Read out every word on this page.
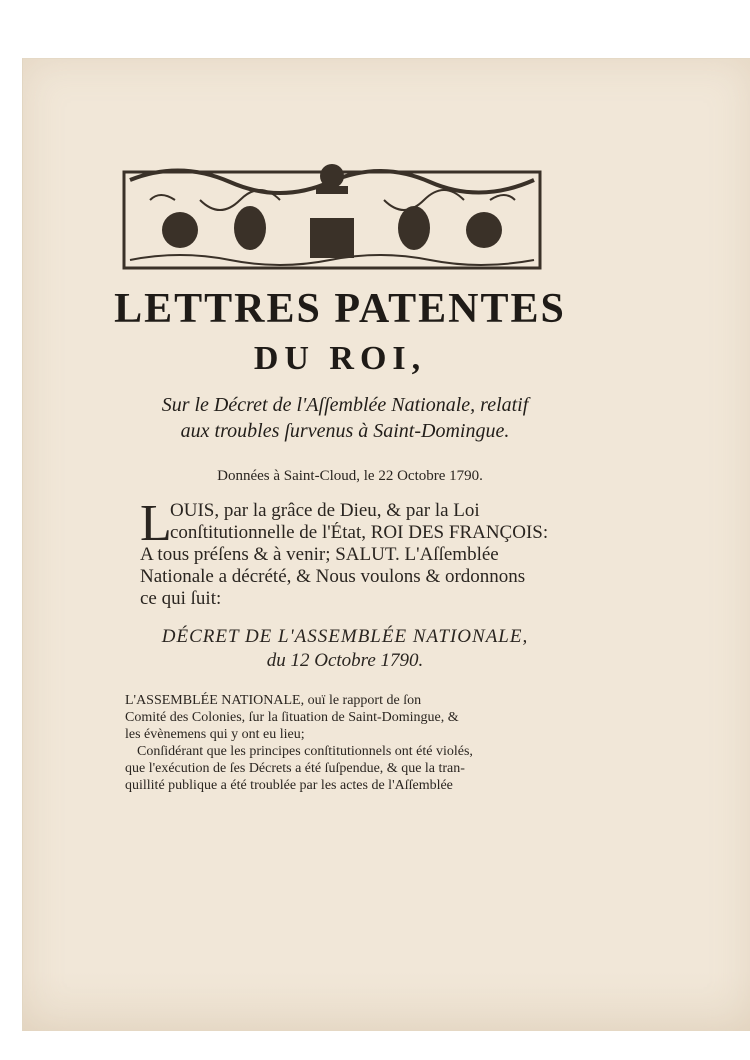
LETTRES PATENTES
DU ROI,
Sur le Décret de l'Aſſemblée Nationale, relatif
aux troubles ſurvenus à Saint-Domingue.
Données à Saint-Cloud, le 22 Octobre 1790.
L
OUIS, par la grâce de Dieu, & par la Loi
conſtitutionnelle de l'État, ROI DES FRANÇOIS:
A tous préſens & à venir; SALUT. L'Aſſemblée
Nationale a décrété, & Nous voulons & ordonnons
ce qui ſuit:
DÉCRET DE L'ASSEMBLÉE NATIONALE,
du 12 Octobre 1790.
L'ASSEMBLÉE NATIONALE, ouï le rapport de ſon
Comité des Colonies, ſur la ſituation de Saint-Domingue, &
les évènemens qui y ont eu lieu;
Conſidérant que les principes conſtitutionnels ont été violés,
que l'exécution de ſes Décrets a été ſuſpendue, & que la tran-
quillité publique a été troublée par les actes de l'Aſſemblée
